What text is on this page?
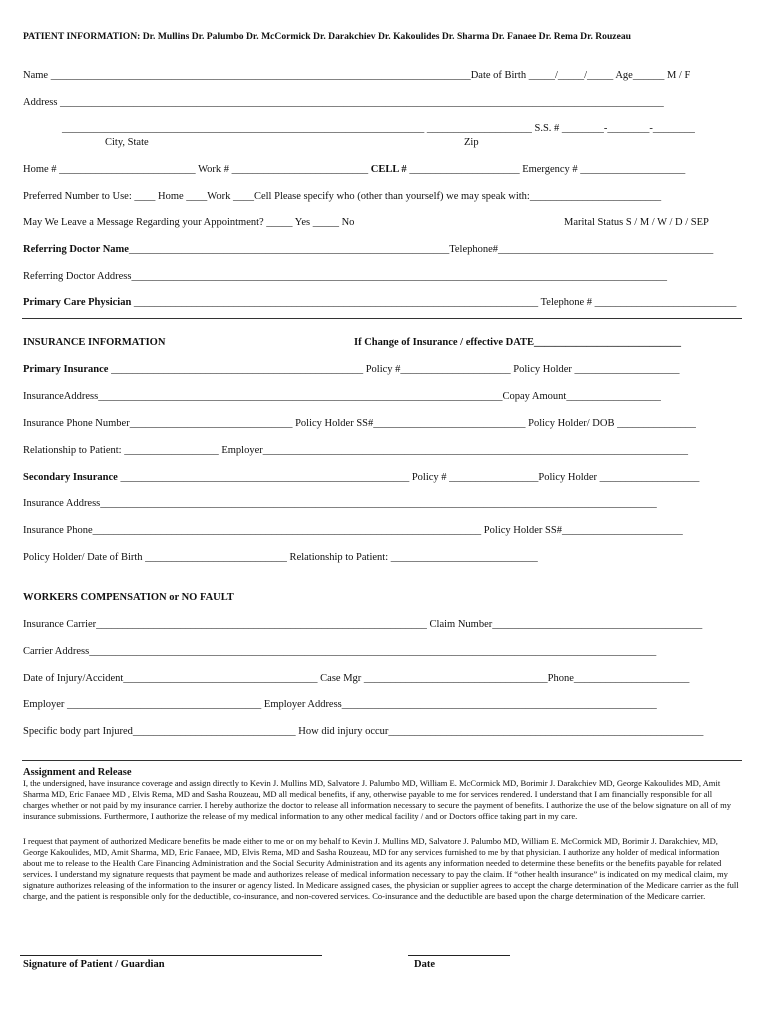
PATIENT INFORMATION: Dr. Mullins Dr. Palumbo Dr. McCormick Dr. Darakchiev Dr. Kakoulides Dr. Sharma Dr. Fanaee Dr. Rema Dr. Rouzeau
Name ________________________________________________________________________________Date of Birth _____/_____/_____ Age______ M / F
Address ___________________________________________________________________________________________________________________
_____________________________________________________________________ ____________________ S.S. # ________-________-________
City, State	Zip
Home # __________________________ Work # __________________________ CELL # _____________________ Emergency # ____________________
Preferred Number to Use: ____ Home ____Work ____Cell Please specify who (other than yourself) we may speak with:_________________________
May We Leave a Message Regarding your Appointment? _____ Yes _____ No	Marital Status S / M / W / D / SEP
Referring Doctor Name_____________________________________________________________Telephone#_________________________________________
Referring Doctor Address______________________________________________________________________________________________________
Primary Care Physician _____________________________________________________________________________ Telephone # ___________________________
INSURANCE INFORMATION	If Change of Insurance / effective DATE____________________________
Primary Insurance ________________________________________________ Policy #_____________________ Policy Holder ____________________
InsuranceAddress_____________________________________________________________________________Copay Amount__________________
Insurance Phone Number_______________________________ Policy Holder SS#_____________________________ Policy Holder/ DOB _______________
Relationship to Patient: __________________ Employer_________________________________________________________________________________
Secondary Insurance _______________________________________________________ Policy # _________________Policy Holder ___________________
Insurance Address__________________________________________________________________________________________________________
Insurance Phone__________________________________________________________________________ Policy Holder SS#_______________________
Policy Holder/ Date of Birth ___________________________ Relationship to Patient: ____________________________
WORKERS COMPENSATION or NO FAULT
Insurance Carrier_______________________________________________________________ Claim Number________________________________________
Carrier Address____________________________________________________________________________________________________________
Date of Injury/Accident_____________________________________ Case Mgr ___________________________________Phone______________________
Employer _____________________________________ Employer Address____________________________________________________________
Specific body part Injured_______________________________ How did injury occur____________________________________________________________
Assignment and Release
I, the undersigned, have insurance coverage and assign directly to Kevin J. Mullins MD, Salvatore J. Palumbo MD, William E. McCormick MD, Borimir J. Darakchiev MD, George Kakoulides MD, Amit Sharma MD, Eric Fanaee MD , Elvis Rema, MD and Sasha Rouzeau, MD all medical benefits, if any, otherwise payable to me for services rendered. I understand that I am financially responsible for all charges whether or not paid by my insurance carrier. I hereby authorize the doctor to release all information necessary to secure the payment of benefits. I authorize the use of the below signature on all of my insurance submissions. Furthermore, I authorize the release of my medical information to any other medical facility / and or Doctors office taking part in my care.
I request that payment of authorized Medicare benefits be made either to me or on my behalf to Kevin J. Mullins MD, Salvatore J. Palumbo MD, William E. McCormick MD, Borimir J. Darakchiev, MD, George Kakoulides, MD, Amit Sharma, MD, Eric Fanaee, MD, Elvis Rema, MD and Sasha Rouzeau, MD for any services furnished to me by that physician. I authorize any holder of medical information about me to release to the Health Care Financing Administration and the Social Security Administration and its agents any information needed to determine these benefits or the benefits payable for related services. I understand my signature requests that payment be made and authorizes release of medical information necessary to pay the claim. If “other health insurance” is indicated on my medical claim, my signature authorizes releasing of the information to the insurer or agency listed. In Medicare assigned cases, the physician or supplier agrees to accept the charge determination of the Medicare carrier as the full charge, and the patient is responsible only for the deductible, co-insurance, and non-covered services. Co-insurance and the deductible are based upon the charge determination of the Medicare carrier.
Signature of Patient / Guardian	Date
